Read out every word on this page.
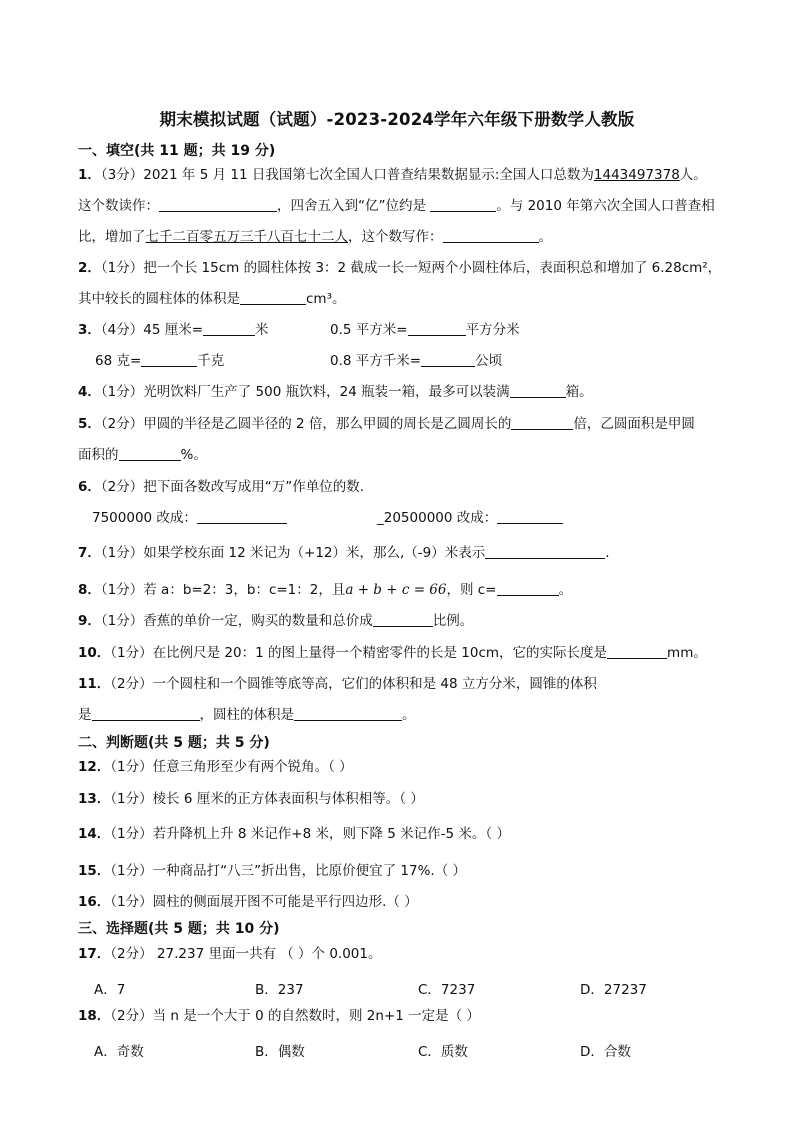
期末模拟试题（试题）-2023-2024学年六年级下册数学人教版
一、填空(共 11 题；共 19 分)
1．（3分）2021 年 5 月 11 日我国第七次全国人口普查结果数据显示:全国人口总数为1443497378人。
这个数读作：	，四舍五入到“亿”位约是	。与 2010 年第六次全国人口普查相
比，增加了七千二百零五万三千八百七十二人，这个数写作：	。
2．（1分）把一个长 15cm 的圆柱体按 3：2 截成一长一短两个小圆柱体后，表面积总和增加了 6.28cm²，
其中较长的圆柱体的体积是	cm³。
3．（4分）45 厘米=	米	0.5 平方米=	平方分米
68 克=	千克	0.8 平方千米=	公顷
4．（1分）光明饮料厂生产了 500 瓶饮料，24 瓶装一箱，最多可以装满	箱。
5．（2分）甲圆的半径是乙圆半径的 2 倍，那么甲圆的周长是乙圆周长的	倍，乙圆面积是甲圆
面积的	%。
6．（2分）把下面各数改写成用“万”作单位的数．
7500000 改成：	_20500000 改成：
7．（1分）如果学校东面 12 米记为（+12）米，那么,（-9）米表示	.
8．（1分）若 a：b=2：3，b：c=1：2，且a + b + c = 66，则 c=	。
9．（1分）香蕉的单价一定，购买的数量和总价成	比例。
10．（1分）在比例尺是 20：1 的图上量得一个精密零件的长是 10cm，它的实际长度是	mm。
11．（2分）一个圆柱和一个圆锥等底等高，它们的体积和是 48 立方分米，圆锥的体积
是	，圆柱的体积是	。
二、判断题(共 5 题；共 5 分)
12．（1分）任意三角形至少有两个锐角。（ ）
13．（1分）棱长 6 厘米的正方体表面积与体积相等。（ ）
14．（1分）若升降机上升 8 米记作+8 米，则下降 5 米记作-5 米。（ ）
15．（1分）一种商品打“八三”折出售，比原价便宜了 17%.（ ）
16．（1分）圆柱的侧面展开图不可能是平行四边形.（ ）
三、选择题(共 5 题；共 10 分)
17．（2分） 27.237 里面一共有 （ ）个 0.001。
A．7	B．237	C．7237	D．27237
18．（2分）当 n 是一个大于 0 的自然数时，则 2n+1 一定是（ ）
A．奇数	B．偶数	C．质数	D．合数
